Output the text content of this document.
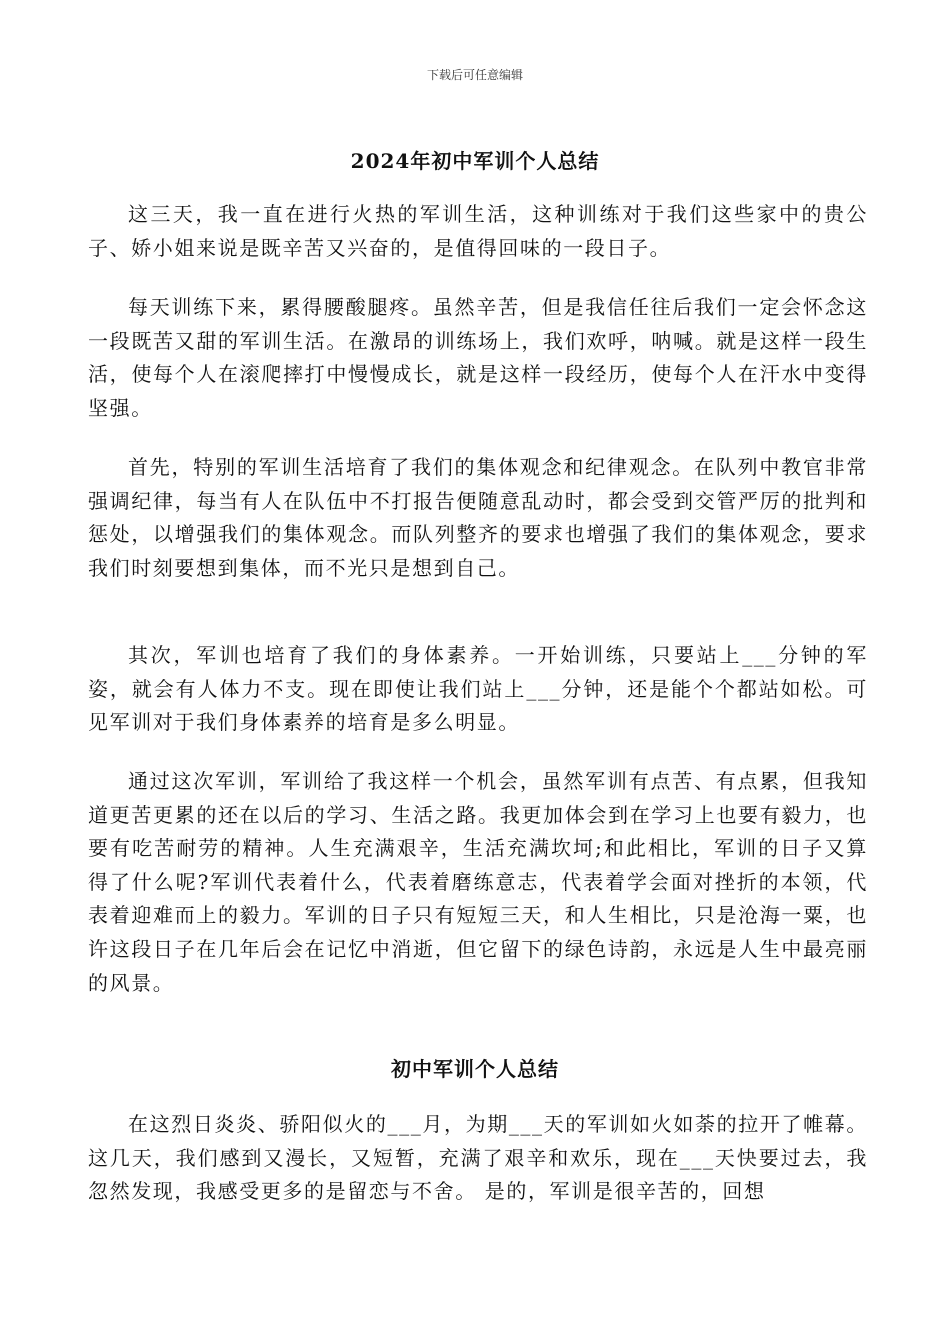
下载后可任意编辑
2024年初中军训个人总结

这三天，我一直在进行火热的军训生活，这种训练对于我们这些家中的贵公子、娇小姐来说是既辛苦又兴奋的，是值得回味的一段日子。

每天训练下来，累得腰酸腿疼。虽然辛苦，但是我信任往后我们一定会怀念这一段既苦又甜的军训生活。在激昂的训练场上，我们欢呼，呐喊。就是这样一段生活，使每个人在滚爬摔打中慢慢成长，就是这样一段经历，使每个人在汗水中变得坚强。

首先，特别的军训生活培育了我们的集体观念和纪律观念。在队列中教官非常强调纪律，每当有人在队伍中不打报告便随意乱动时，都会受到交管严厉的批判和惩处，以增强我们的集体观念。而队列整齐的要求也增强了我们的集体观念，要求我们时刻要想到集体，而不光只是想到自己。

其次，军训也培育了我们的身体素养。一开始训练，只要站上___分钟的军姿，就会有人体力不支。现在即使让我们站上___分钟，还是能个个都站如松。可见军训对于我们身体素养的培育是多么明显。

通过这次军训，军训给了我这样一个机会，虽然军训有点苦、有点累，但我知道更苦更累的还在以后的学习、生活之路。我更加体会到在学习上也要有毅力，也要有吃苦耐劳的精神。人生充满艰辛，生活充满坎坷;和此相比，军训的日子又算得了什么呢?军训代表着什么，代表着磨练意志，代表着学会面对挫折的本领，代表着迎难而上的毅力。军训的日子只有短短三天，和人生相比，只是沧海一粟，也许这段日子在几年后会在记忆中消逝，但它留下的绿色诗韵，永远是人生中最亮丽的风景。

初中军训个人总结

在这烈日炎炎、骄阳似火的___月，为期___天的军训如火如荼的拉开了帷幕。这几天，我们感到又漫长，又短暂，充满了艰辛和欢乐，现在___天快要过去，我忽然发现，我感受更多的是留恋与不舍。 是的，军训是很辛苦的，回想
